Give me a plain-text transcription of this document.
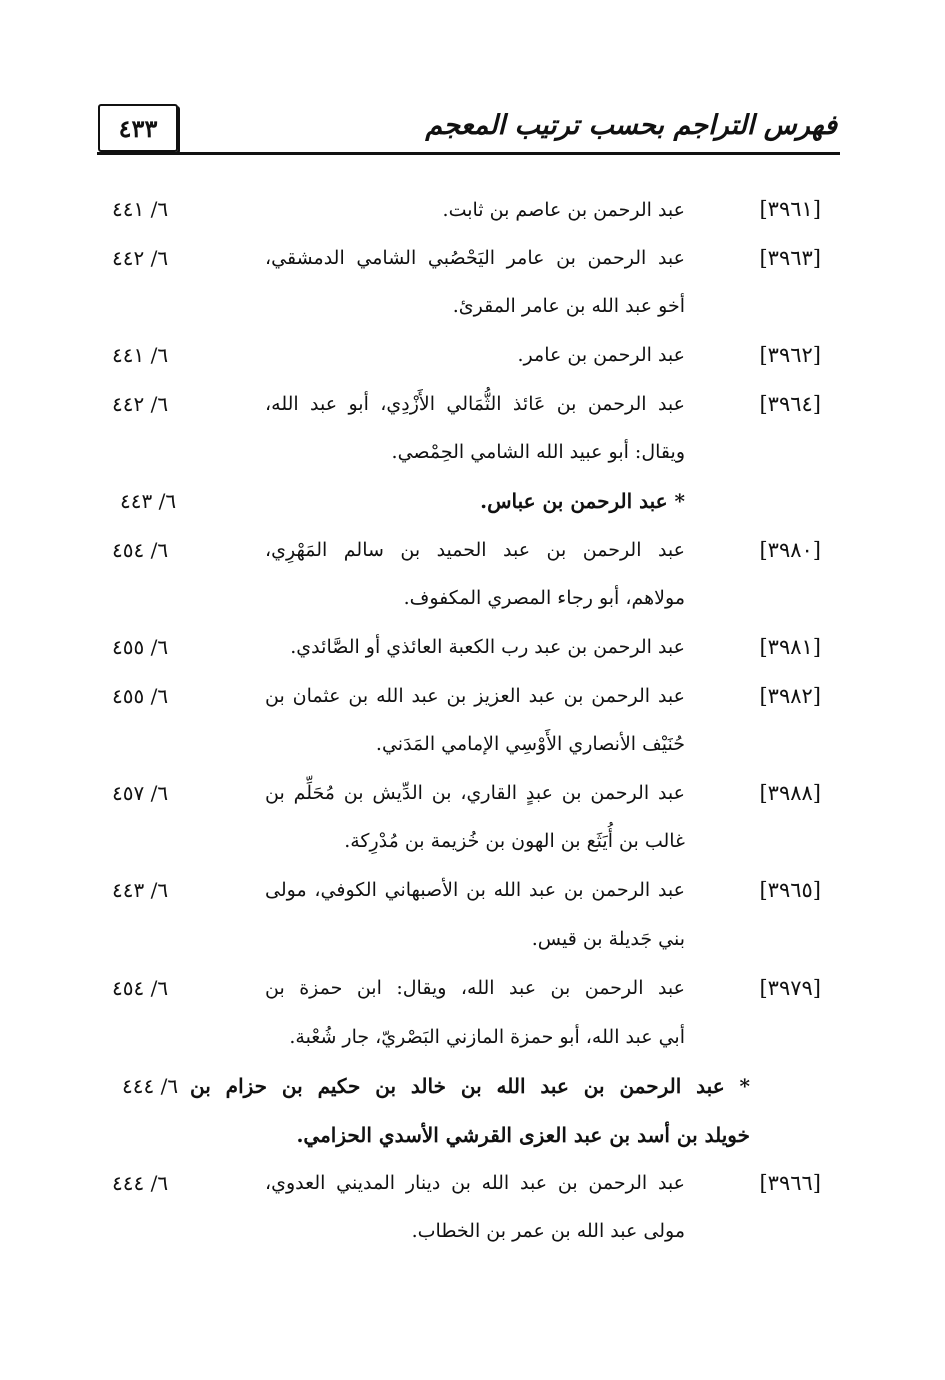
٤٣٣	فهرس التراجم بحسب ترتيب المعجم
[٣٩٦١]
عبد الرحمن بن عاصم بن ثابت.
٦/ ٤٤١
[٣٩٦٣]
عبد الرحمن بن عامر اليَحْصُبي الشامي الدمشقي،
أخو عبد الله بن عامر المقرئ.
٦/ ٤٤٢
[٣٩٦٢]
عبد الرحمن بن عامر.
٦/ ٤٤١
[٣٩٦٤]
عبد الرحمن بن عَائذ الثُّمَالي الأَزْدِي، أبو عبد الله،
ويقال: أبو عبيد الله الشامي الحِمْصي.
٦/ ٤٤٢
* عبد الرحمن بن عباس.
٦/ ٤٤٣
[٣٩٨٠]
عبد الرحمن بن عبد الحميد بن سالم المَهْرِي،
مولاهم، أبو رجاء المصري المكفوف.
٦/ ٤٥٤
[٣٩٨١]
عبد الرحمن بن عبد رب الكعبة العائذي أو الصَّائدي.
٦/ ٤٥٥
[٣٩٨٢]
عبد الرحمن بن عبد العزيز بن عبد الله بن عثمان بن
حُنَيْف الأنصاري الأَوْسِي الإمامي المَدَني.
٦/ ٤٥٥
[٣٩٨٨]
عبد الرحمن بن عبدٍ القاري، بن الدِّيش بن مُحَلِّم بن
غالب بن أُيَثَع بن الهون بن خُزيمة بن مُدْرِكة.
٦/ ٤٥٧
[٣٩٦٥]
عبد الرحمن بن عبد الله بن الأصبهاني الكوفي، مولى
بني جَديلة بن قيس.
٦/ ٤٤٣
[٣٩٧٩]
عبد الرحمن بن عبد الله، ويقال: ابن حمزة بن
أبي عبد الله، أبو حمزة المازني البَصْريّ، جار شُعْبة.
٦/ ٤٥٤
* عبد الرحمن بن عبد الله بن خالد بن حكيم بن حزام بن
خويلد بن أسد بن عبد العزى القرشي الأسدي الحزامي.
٦/ ٤٤٤
[٣٩٦٦]
عبد الرحمن بن عبد الله بن دينار المديني العدوي،
مولى عبد الله بن عمر بن الخطاب.
٦/ ٤٤٤
